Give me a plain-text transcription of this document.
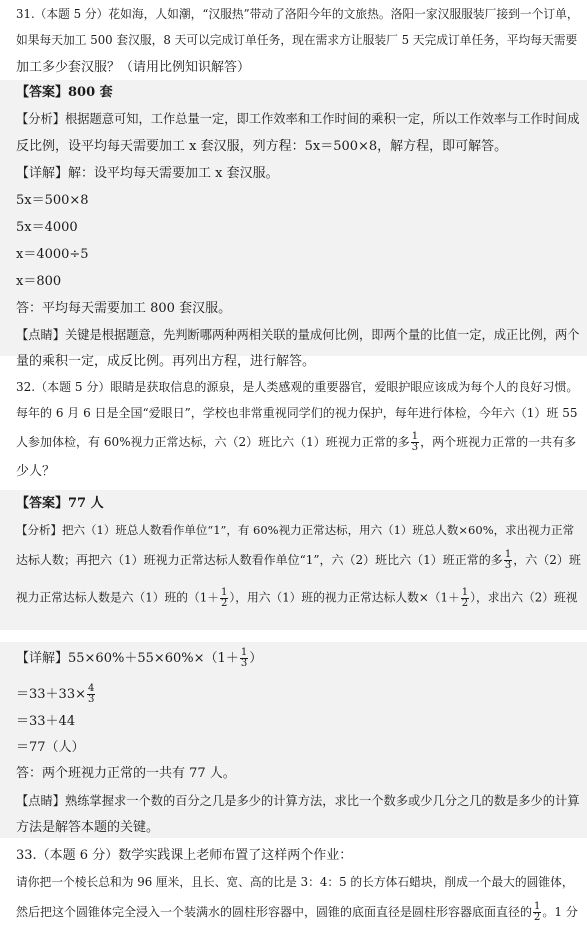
31.（本题 5 分）花如海，人如潮，“汉服热”带动了洛阳今年的文旅热。洛阳一家汉服服装厂接到一个订单，
如果每天加工 500 套汉服，8 天可以完成订单任务，现在需求方让服装厂 5 天完成订单任务，平均每天需要
加工多少套汉服？（请用比例知识解答）
【答案】800 套
【分析】根据题意可知，工作总量一定，即工作效率和工作时间的乘积一定，所以工作效率与工作时间成
反比例，设平均每天需要加工 x 套汉服，列方程：5x＝500×8，解方程，即可解答。
【详解】解：设平均每天需要加工 x 套汉服。
5x＝500×8
5x＝4000
x＝4000÷5
x＝800
答：平均每天需要加工 800 套汉服。
【点睛】关键是根据题意，先判断哪两种两相关联的量成何比例，即两个量的比值一定，成正比例，两个
量的乘积一定，成反比例。再列出方程，进行解答。
32.（本题 5 分）眼睛是获取信息的源泉，是人类感观的重要器官，爱眼护眼应该成为每个人的良好习惯。
每年的 6 月 6 日是全国“爱眼日”，学校也非常重视同学们的视力保护，每年进行体检，今年六（1）班 55
人参加体检，有 60%视力正常达标，六（2）班比六（1）班视力正常的多 $\frac{1}{3}$ ，两个班视力正常的一共有多
少人？
【答案】77 人
【分析】把六（1）班总人数看作单位“1”，有 60%视力正常达标，用六（1）班总人数×60%，求出视力正常
达标人数；再把六（1）班视力正常达标人数看作单位“1”，六（2）班比六（1）班正常的多 $\frac{1}{3}$ ，六（2）班
视力正常达标人数是六（1）班的（$1+ \frac{1}{2}$ ），用六（1）班的视力正常达标人数$\times(1+ \frac{1}{2}$ ），求出六（2）班视
【详解】$55\times 60\%+55\times 60\%\times(1+ \frac{1}{3}$ ）
$=33+33\times \frac{4}{3}$
＝33＋44
＝77（人）
答：两个班视力正常的一共有 77 人。
【点睛】熟练掌握求一个数的百分之几是多少的计算方法，求比一个数多或少几分之几的数是多少的计算
方法是解答本题的关键。
33.（本题 6 分）数学实践课上老师布置了这样两个作业：
请你把一个棱长总和为 96 厘米，且长、宽、高的比是 3：4：5 的长方体石蜡块，削成一个最大的圆锥体，
然后把这个圆锥体完全浸入一个装满水的圆柱形容器中，圆锥的底面直径是圆柱形容器底面直径的 $\frac{1}{2}$ 。1 分
